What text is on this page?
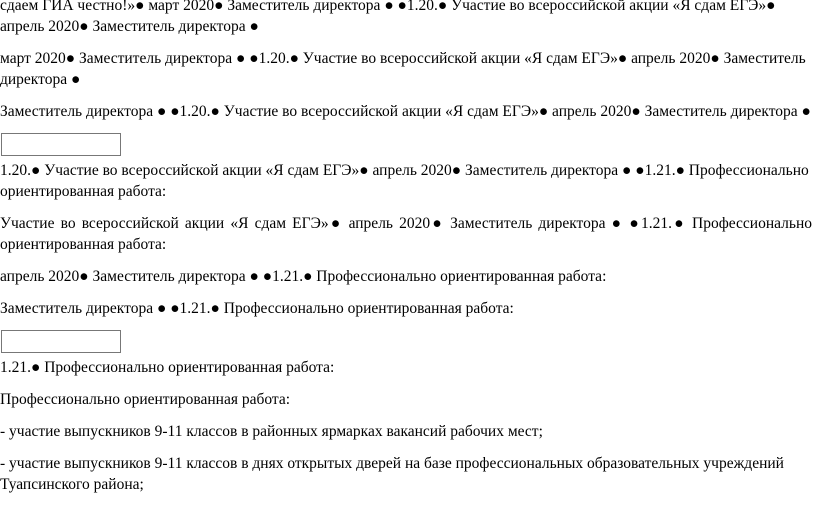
сдаем ГИА честно!»● март 2020● Заместитель директора ● ●1.20.● Участие во всероссийской акции «Я сдам ЕГЭ»● апрель 2020● Заместитель директора ●

март 2020● Заместитель директора ● ●1.20.● Участие во всероссийской акции «Я сдам ЕГЭ»● апрель 2020● Заместитель директора ●

Заместитель директора ● ●1.20.● Участие во всероссийской акции «Я сдам ЕГЭ»● апрель 2020● Заместитель директора ●

1.20.● Участие во всероссийской акции «Я сдам ЕГЭ»● апрель 2020● Заместитель директора ● ●1.21.● Профессионально ориентированная работа:

Участие во всероссийской акции «Я сдам ЕГЭ»● апрель 2020● Заместитель директора ● ●1.21.● Профессионально ориентированная работа:

апрель 2020● Заместитель директора ● ●1.21.● Профессионально ориентированная работа:

Заместитель директора ● ●1.21.● Профессионально ориентированная работа:

1.21.● Профессионально ориентированная работа:

Профессионально ориентированная работа:

- участие выпускников 9-11 классов в районных ярмарках вакансий рабочих мест;

- участие выпускников 9-11 классов в днях открытых дверей на базе профессиональных образовательных учреждений Туапсинского района;
